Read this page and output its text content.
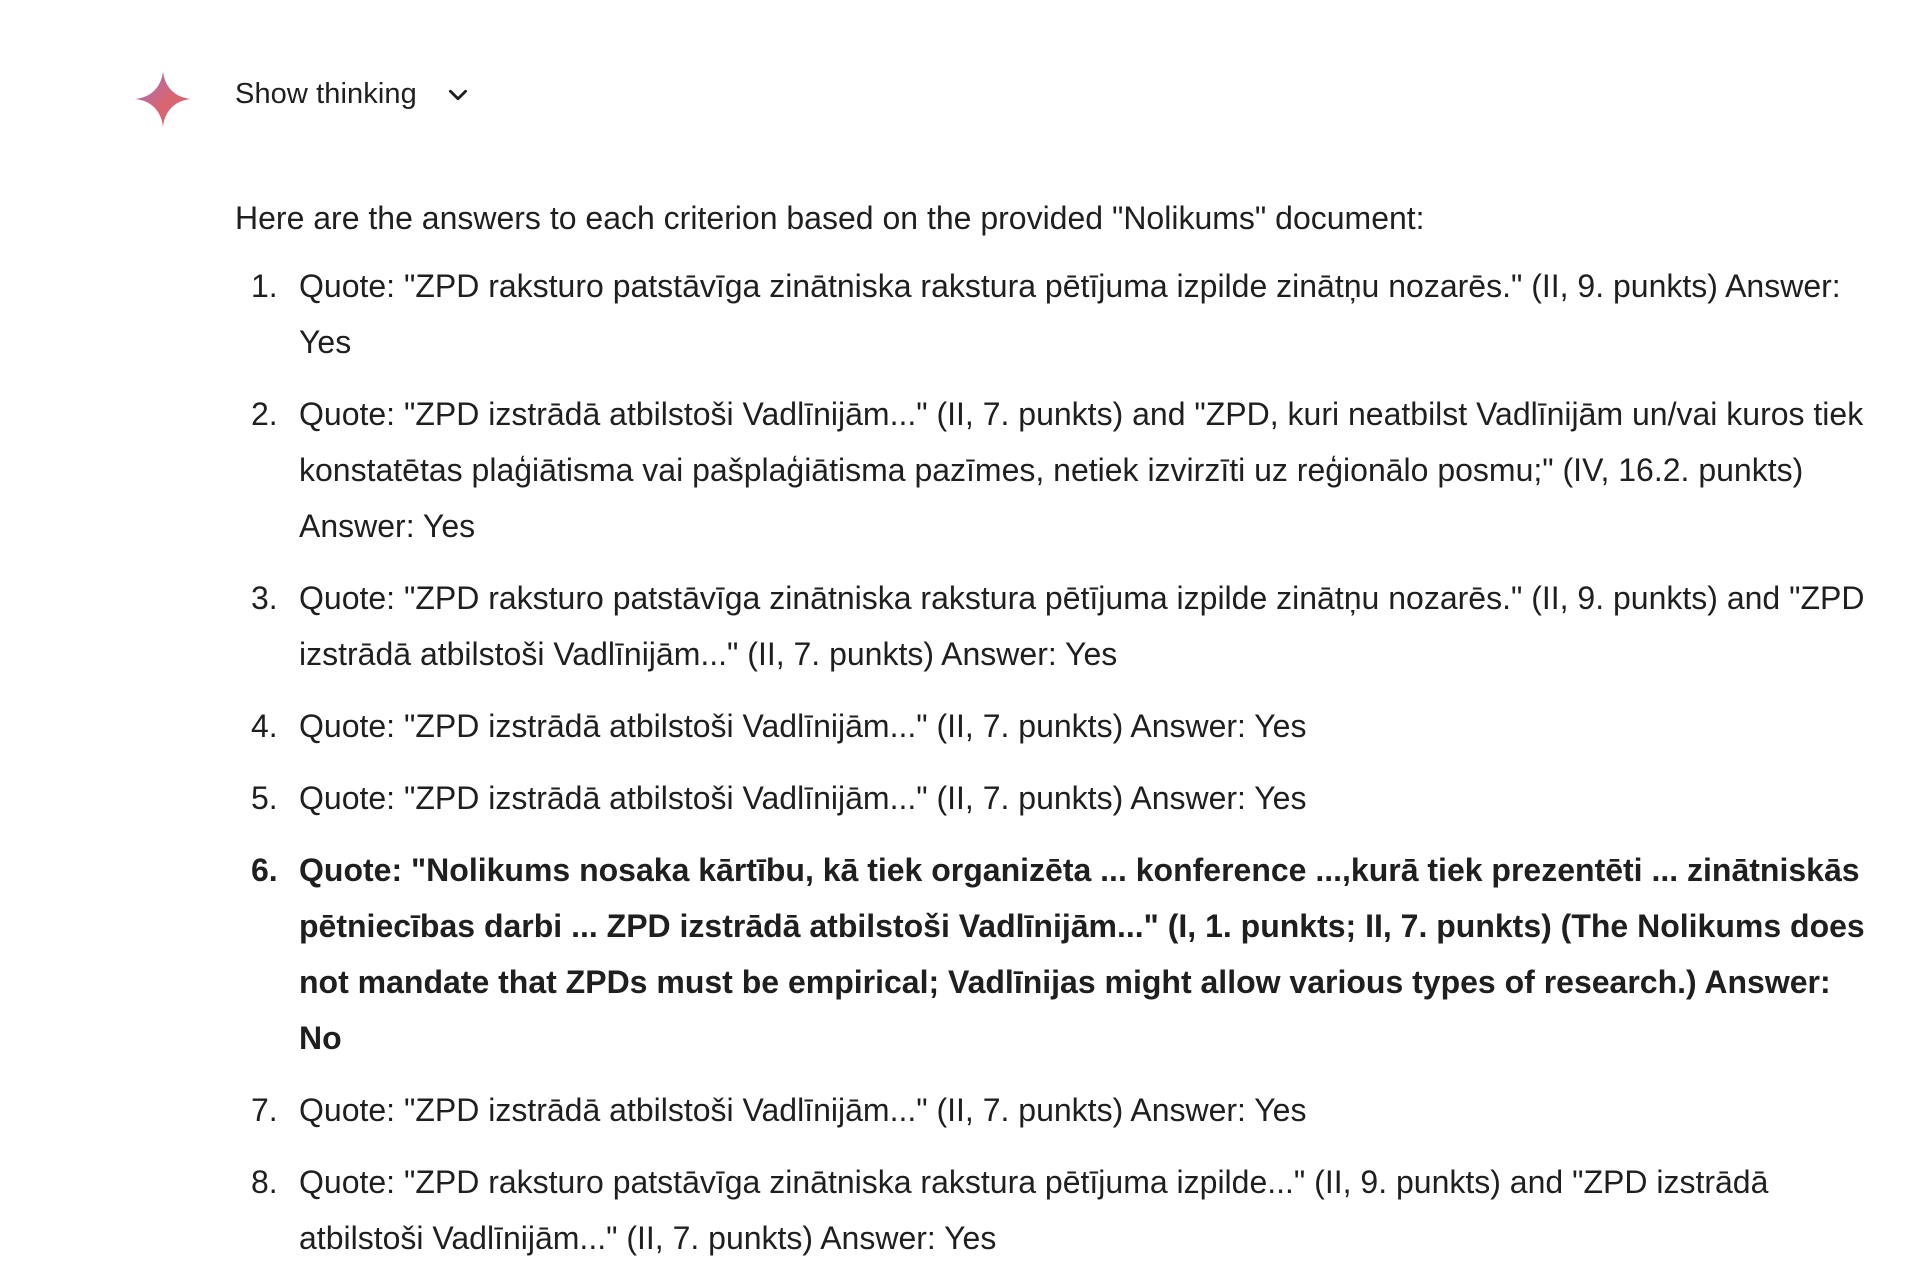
Show thinking

Here are the answers to each criterion based on the provided "Nolikums" document:

1. Quote: "ZPD raksturo patstāvīga zinātniska rakstura pētījuma izpilde zinātņu nozarēs." (II, 9. punkts) Answer: Yes
2. Quote: "ZPD izstrādā atbilstoši Vadlīnijām..." (II, 7. punkts) and "ZPD, kuri neatbilst Vadlīnijām un/vai kuros tiek konstatētas plaģiātisma vai pašplaģiātisma pazīmes, netiek izvirzīti uz reģionālo posmu;" (IV, 16.2. punkts) Answer: Yes
3. Quote: "ZPD raksturo patstāvīga zinātniska rakstura pētījuma izpilde zinātņu nozarēs." (II, 9. punkts) and "ZPD izstrādā atbilstoši Vadlīnijām..." (II, 7. punkts) Answer: Yes
4. Quote: "ZPD izstrādā atbilstoši Vadlīnijām..." (II, 7. punkts) Answer: Yes
5. Quote: "ZPD izstrādā atbilstoši Vadlīnijām..." (II, 7. punkts) Answer: Yes
6. Quote: "Nolikums nosaka kārtību, kā tiek organizēta ... konference ...,kurā tiek prezentēti ... zinātniskās pētniecības darbi ... ZPD izstrādā atbilstoši Vadlīnijām..." (I, 1. punkts; II, 7. punkts) (The Nolikums does not mandate that ZPDs must be empirical; Vadlīnijas might allow various types of research.) Answer: No
7. Quote: "ZPD izstrādā atbilstoši Vadlīnijām..." (II, 7. punkts) Answer: Yes
8. Quote: "ZPD raksturo patstāvīga zinātniska rakstura pētījuma izpilde..." (II, 9. punkts) and "ZPD izstrādā atbilstoši Vadlīnijām..." (II, 7. punkts) Answer: Yes
